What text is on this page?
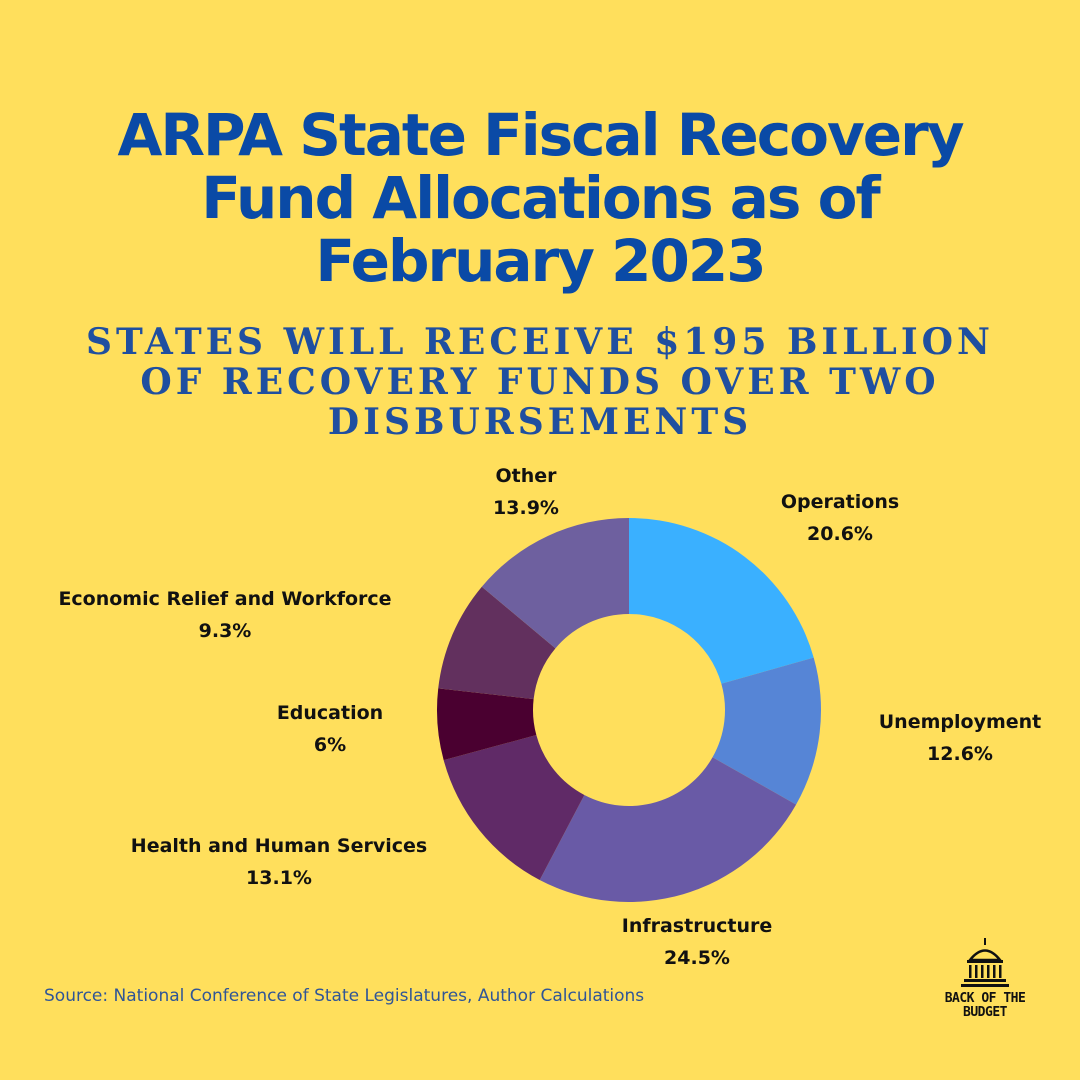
ARPA State Fiscal Recovery
Fund Allocations as of
February 2023
STATES WILL RECEIVE $195 BILLION
OF RECOVERY FUNDS OVER TWO
DISBURSEMENTS
Other
13.9%	Operations
20.6%
Economic Relief and Workforce
9.3%
Education
6%
Unemployment
12.6%
Health and Human Services
13.1%
Infrastructure
24.5%
Source: National Conference of State Legislatures, Author Calculations	BACK OF THE
BUDGET
